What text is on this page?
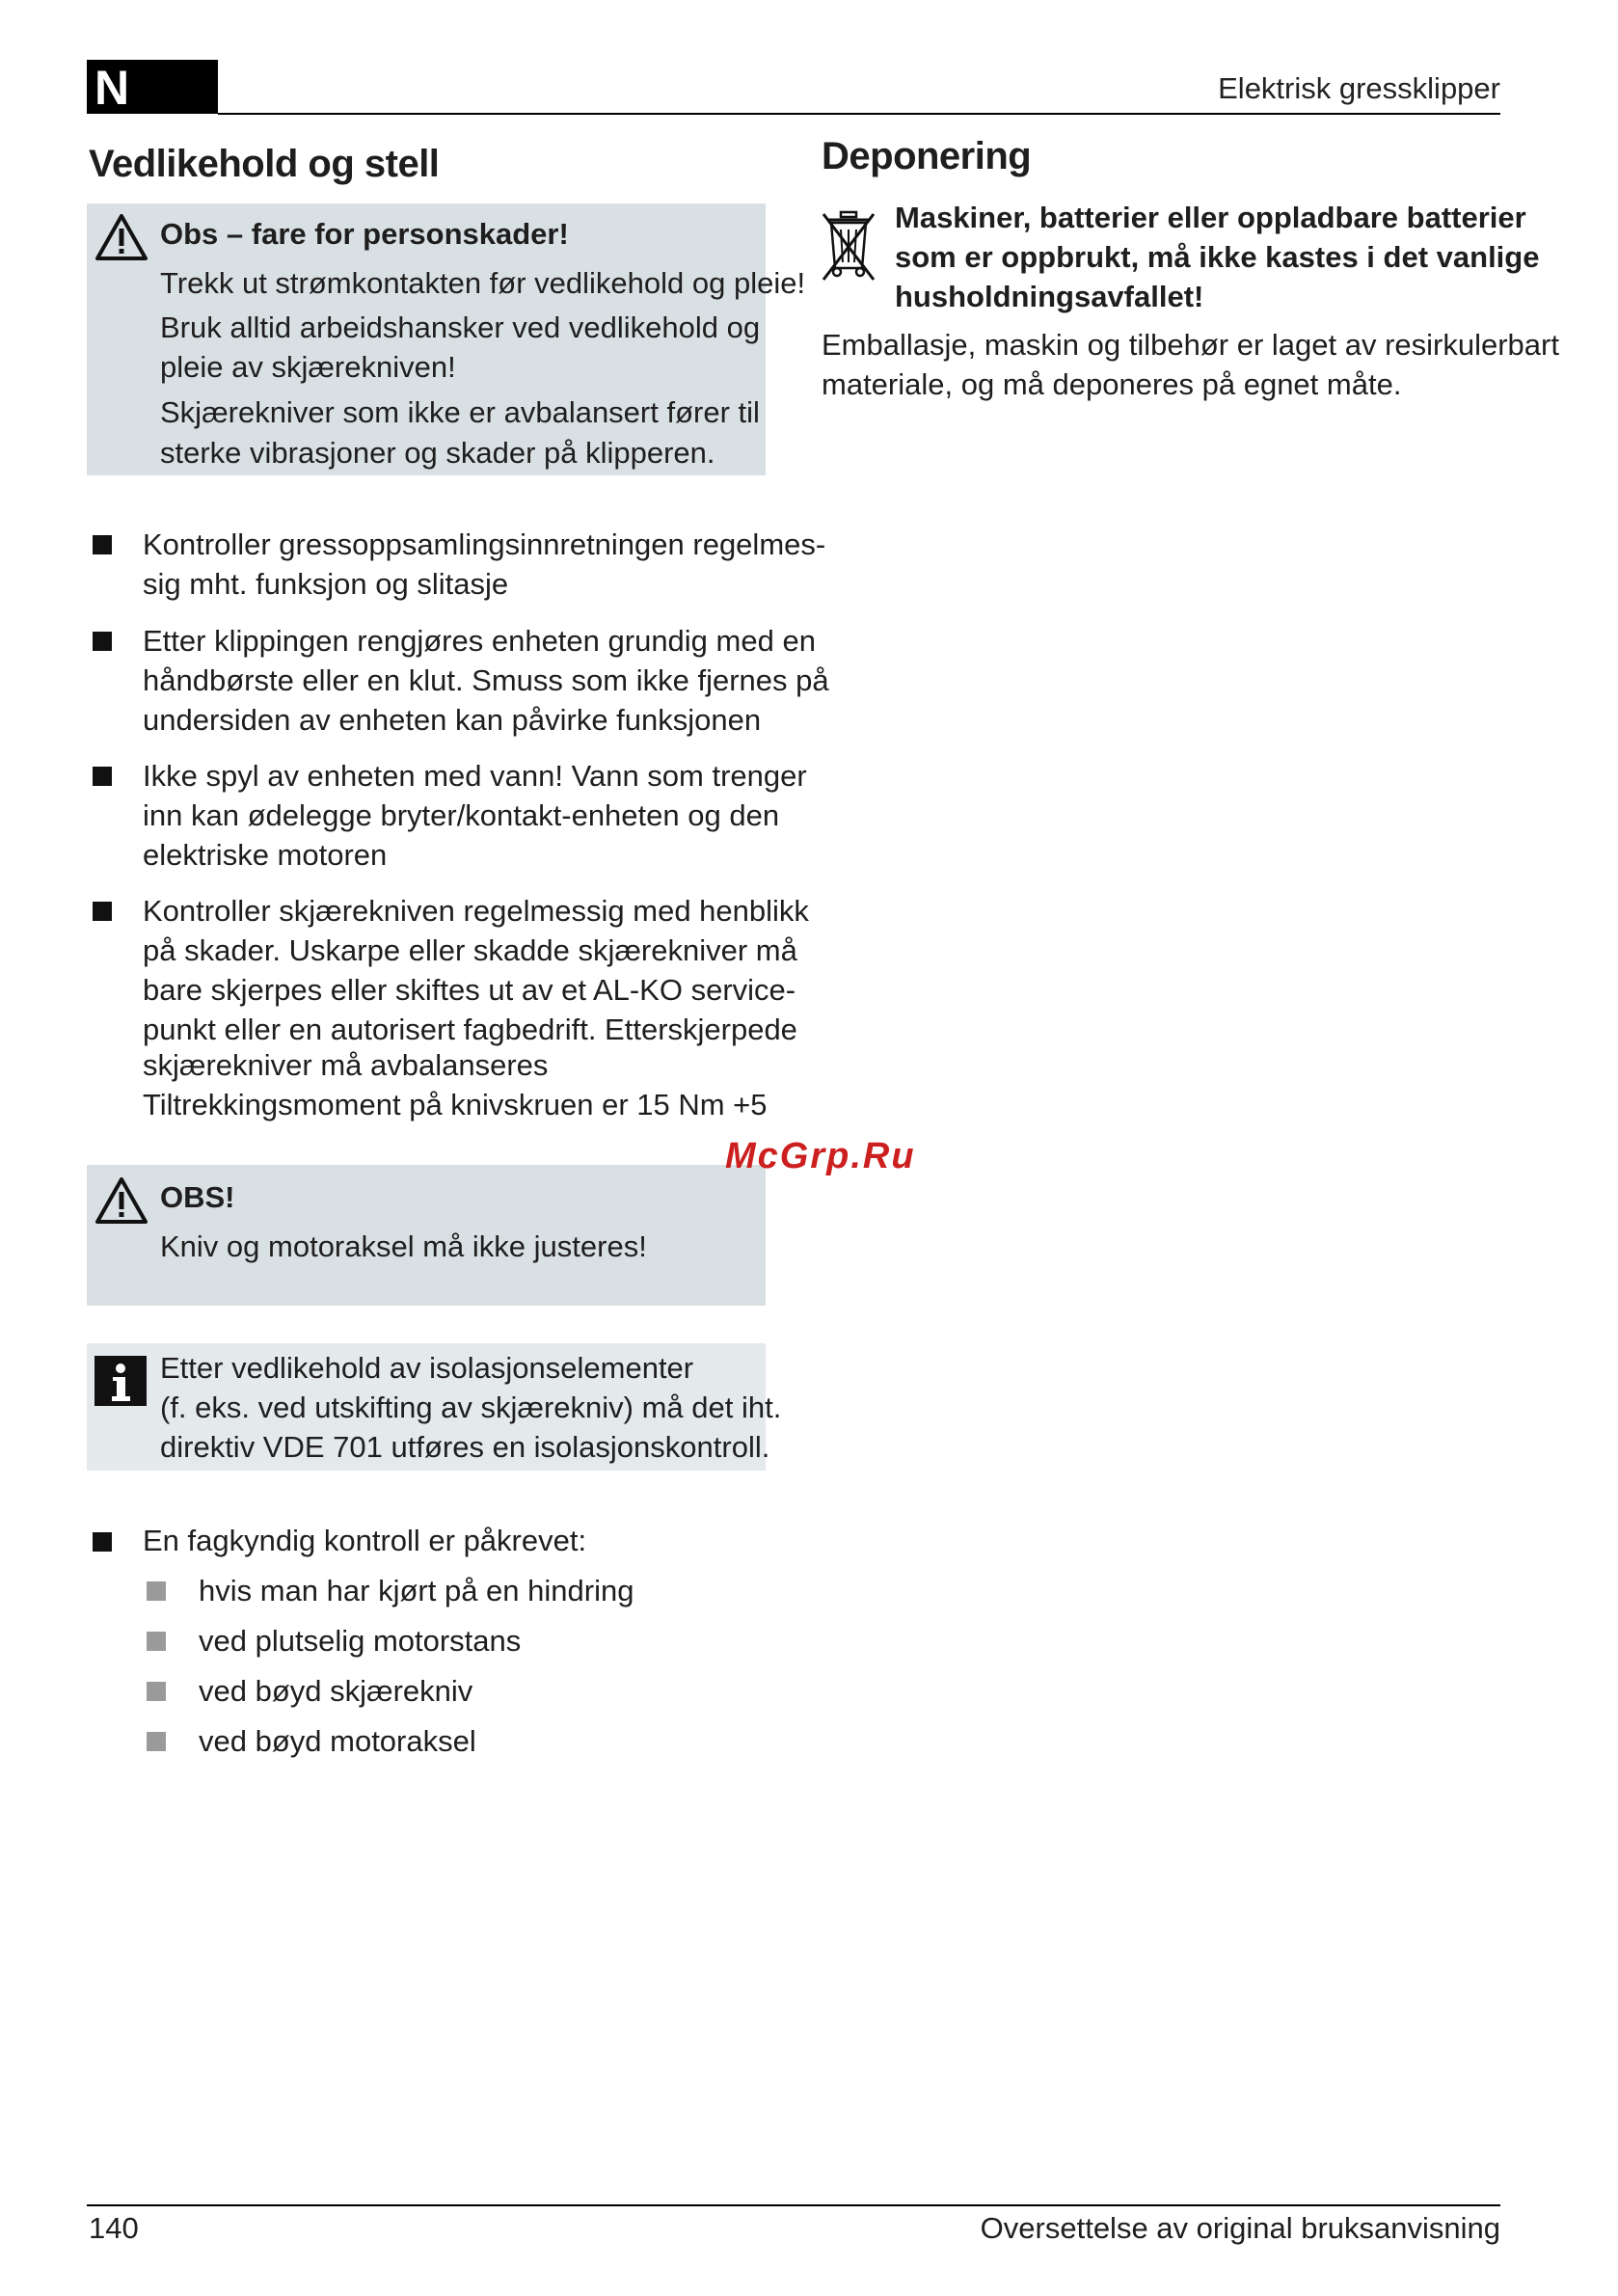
N	Elektrisk gressklipper
Vedlikehold og stell
Obs – fare for personskader!
Trekk ut strømkontakten før vedlikehold og pleie!
Bruk alltid arbeidshansker ved vedlikehold og
pleie av skjærekniven!
Skjærekniver som ikke er avbalansert fører til
sterke vibrasjoner og skader på klipperen.
Kontroller gressoppsamlingsinnretningen regelmes-
sig mht. funksjon og slitasje
Etter klippingen rengjøres enheten grundig med en
håndbørste eller en klut. Smuss som ikke fjernes på
undersiden av enheten kan påvirke funksjonen
Ikke spyl av enheten med vann! Vann som trenger
inn kan ødelegge bryter/kontakt-enheten og den
elektriske motoren
Kontroller skjærekniven regelmessig med henblikk
på skader. Uskarpe eller skadde skjærekniver må
bare skjerpes eller skiftes ut av et AL-KO service-
punkt eller en autorisert fagbedrift. Etterskjerpede
skjærekniver må avbalanseres
Tiltrekkingsmoment på knivskruen er 15 Nm +5
OBS!
Kniv og motoraksel må ikke justeres!
Etter vedlikehold av isolasjonselementer
(f. eks. ved utskifting av skjærekniv) må det iht.
direktiv VDE 701 utføres en isolasjonskontroll.
En fagkyndig kontroll er påkrevet:
hvis man har kjørt på en hindring
ved plutselig motorstans
ved bøyd skjærekniv
ved bøyd motoraksel
Deponering
Maskiner, batterier eller oppladbare batterier
som er oppbrukt, må ikke kastes i det vanlige
husholdningsavfallet!
Emballasje, maskin og tilbehør er laget av resirkulerbart
materiale, og må deponeres på egnet måte.
McGrp.Ru
140	Oversettelse av original bruksanvisning
